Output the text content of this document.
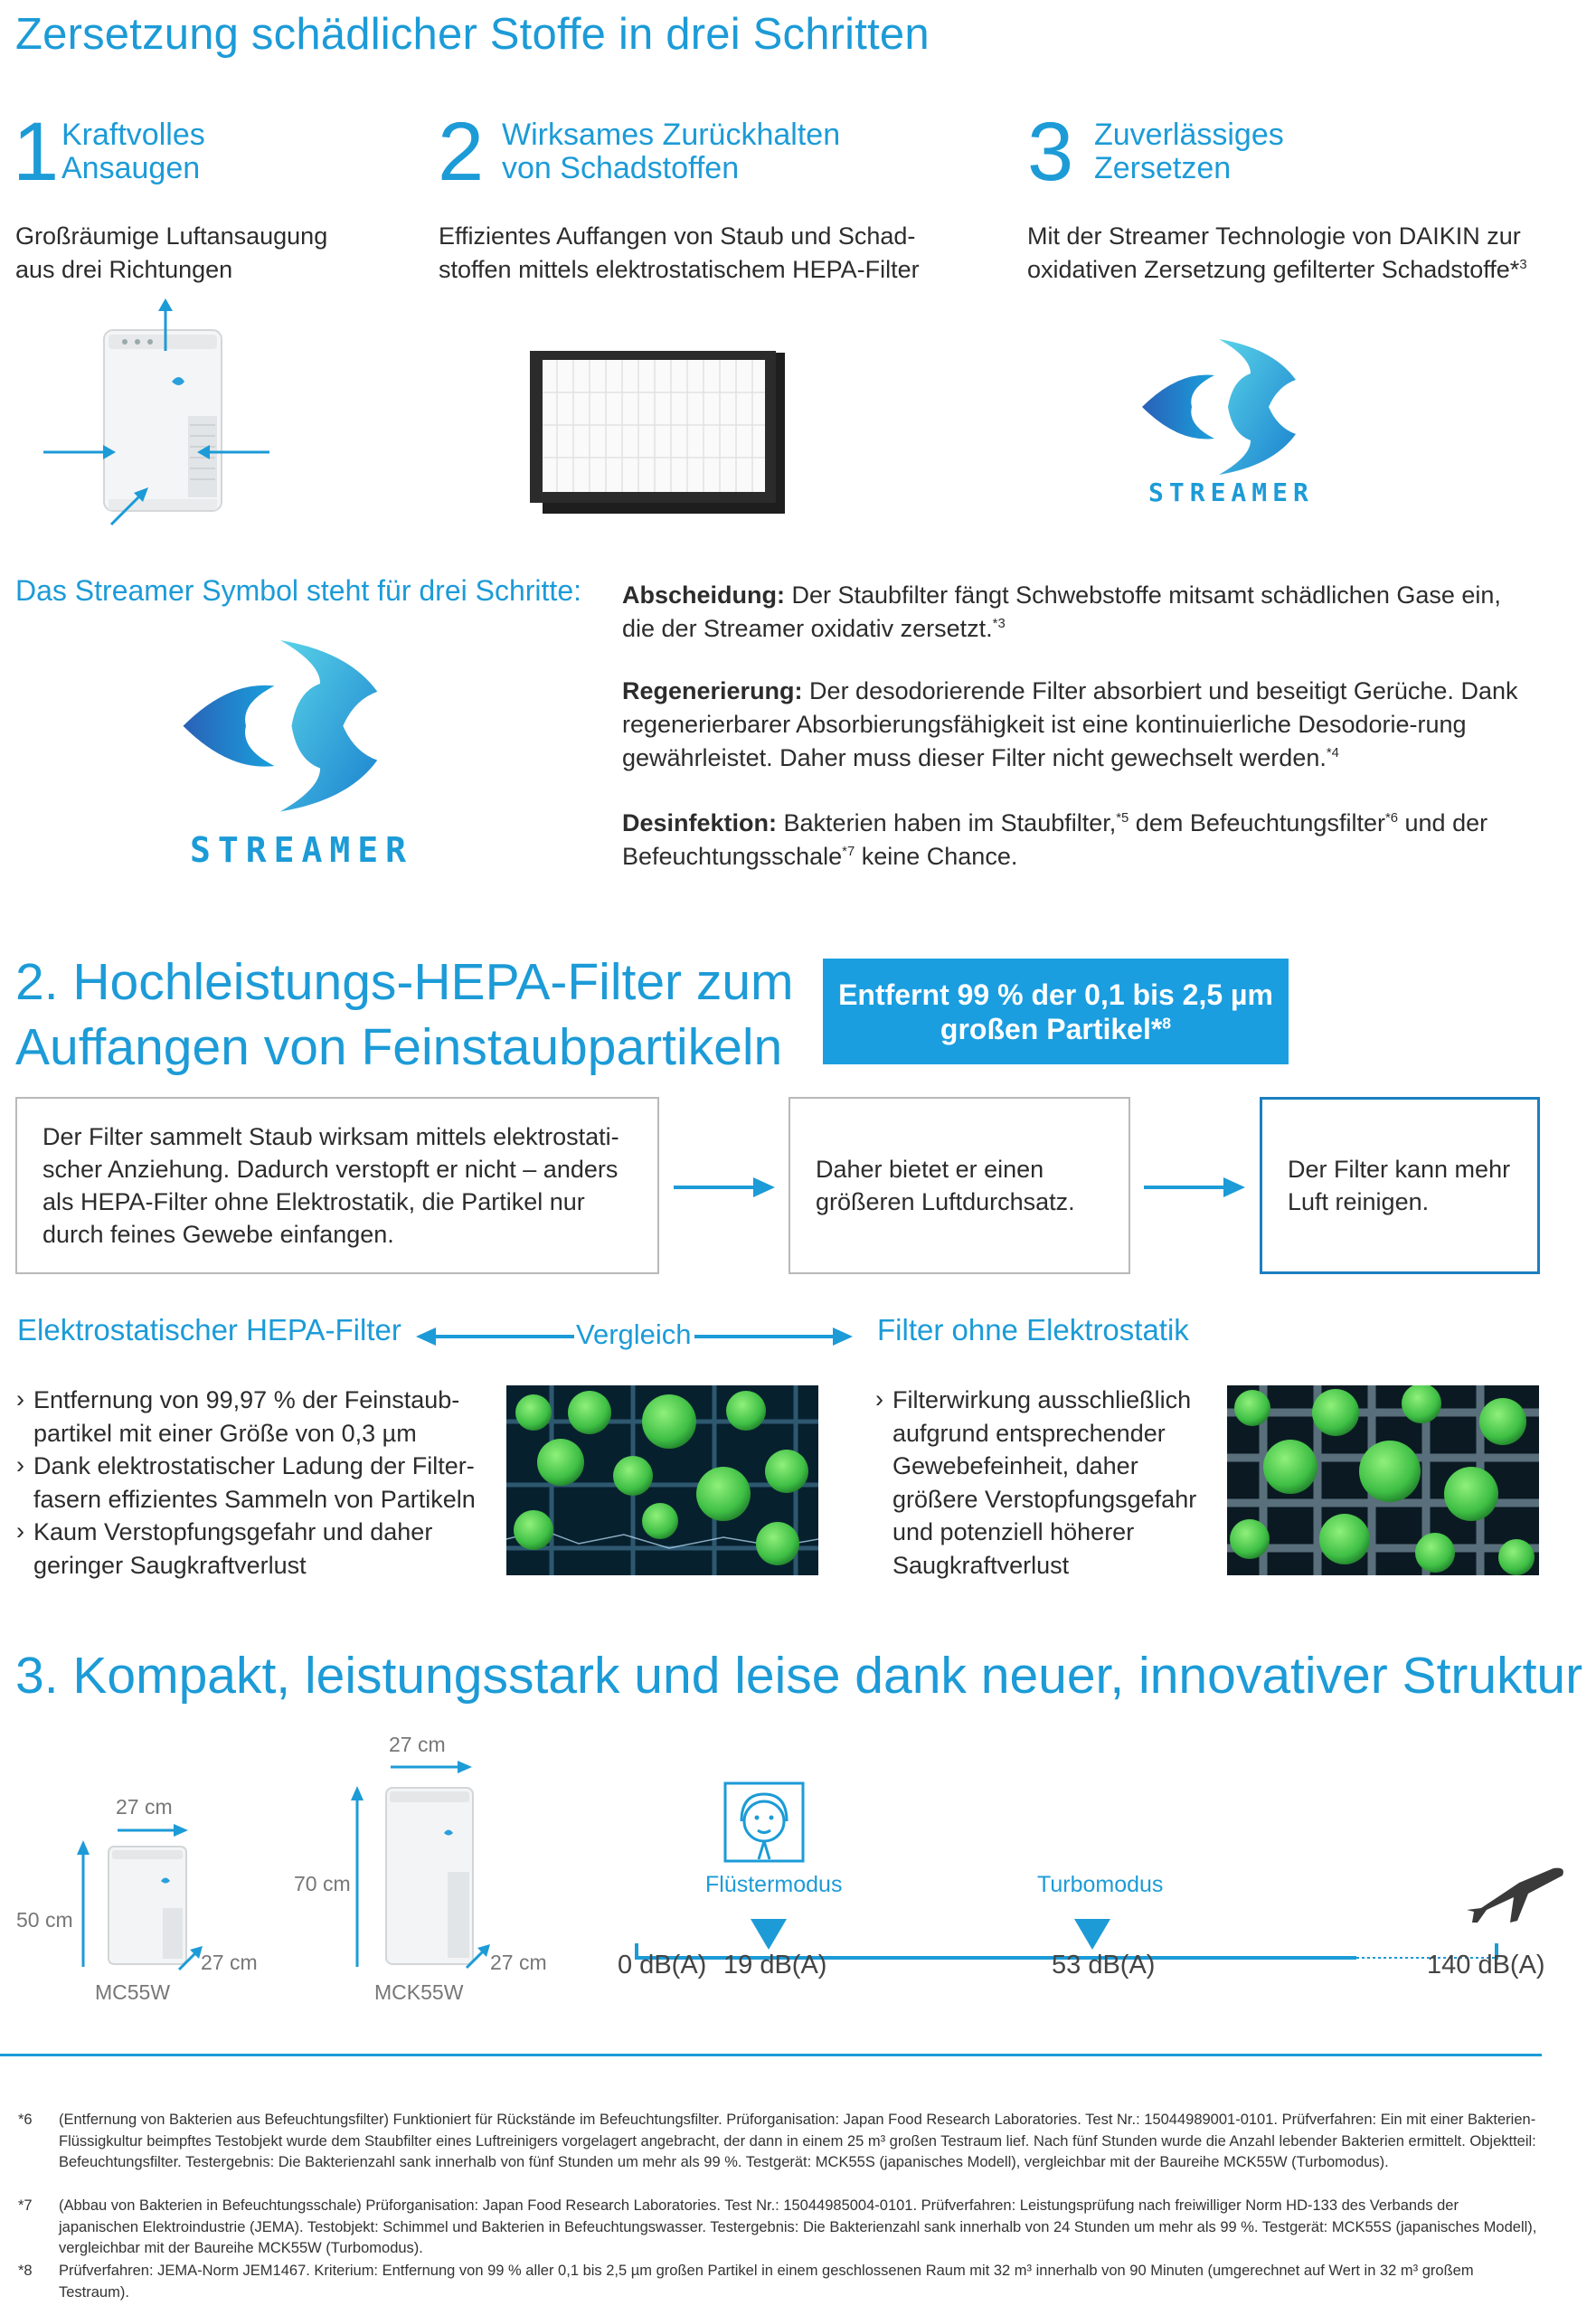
Zersetzung schädlicher Stoffe in drei Schritten
1 Kraftvolles
Ansaugen
Großräumige Luftansaugung
aus drei Richtungen
2 Wirksames Zurückhalten
von Schadstoffen
Effizientes Auffangen von Staub und Schad-
stoffen mittels elektrostatischem HEPA-Filter
3 Zuverlässiges
Zersetzen
Mit der Streamer Technologie von DAIKIN zur
oxidativen Zersetzung gefilterter Schadstoffe*$^3$
STREAMER
Das Streamer Symbol steht für drei Schritte:
STREAMER
Abscheidung: Der Staubfilter fängt Schwebstoffe mitsamt schädlichen Gase ein, die der Streamer oxidativ zersetzt.$^{*3}$
Regenerierung: Der desodorierende Filter absorbiert und beseitigt Gerüche. Dank regenerierbarer Absorbierungsfähigkeit ist eine kontinuierliche Desodorie-rung gewährleistet. Daher muss dieser Filter nicht gewechselt werden.$^{*4}$
Desinfektion: Bakterien haben im Staubfilter,$^{*5}$ dem Befeuchtungsfilter$^{*6}$ und der Befeuchtungsschale$^{*7}$ keine Chance.
2. Hochleistungs-HEPA-Filter zum
Auffangen von Feinstaubpartikeln
Entfernt 99 % der 0,1 bis 2,5 µm
großen Partikel*$^8$
Der Filter sammelt Staub wirksam mittels elektrostati-scher Anziehung. Dadurch verstopft er nicht – anders als HEPA-Filter ohne Elektrostatik, die Partikel nur durch feines Gewebe einfangen.
Daher bietet er einen größeren Luftdurchsatz.
Der Filter kann mehr Luft reinigen.
Elektrostatischer HEPA-Filter	Vergleich	Filter ohne Elektrostatik
› Entfernung von 99,97 % der Feinstaub-partikel mit einer Größe von 0,3 µm
› Dank elektrostatischer Ladung der Filter-fasern effizientes Sammeln von Partikeln
› Kaum Verstopfungsgefahr und daher geringer Saugkraftverlust
› Filterwirkung ausschließlich aufgrund entsprechender Gewebefeinheit, daher größere Verstopfungsgefahr und potenziell höherer Saugkraftverlust
3. Kompakt, leistungsstark und leise dank neuer, innovativer Struktur
27 cm
50 cm
27 cm
MC55W
27 cm
70 cm
27 cm
MCK55W
Flüstermodus	Turbomodus
0 dB(A) 19 dB(A)	53 dB(A)	140 dB(A)
*6 (Entfernung von Bakterien aus Befeuchtungsfilter) Funktioniert für Rückstände im Befeuchtungsfilter. Prüforganisation: Japan Food Research Laboratories. Test Nr.: 15044989001-0101. Prüfverfahren: Ein mit einer Bakterien-Flüssigkultur beimpftes Testobjekt wurde dem Staubfilter eines Luftreinigers vorgelagert angebracht, der dann in einem 25 m³ großen Testraum lief. Nach fünf Stunden wurde die Anzahl lebender Bakterien ermittelt. Objektteil: Befeuchtungsfilter. Testergebnis: Die Bakterienzahl sank innerhalb von fünf Stunden um mehr als 99 %. Testgerät: MCK55S (japanisches Modell), vergleichbar mit der Baureihe MCK55W (Turbomodus).
*7 (Abbau von Bakterien in Befeuchtungsschale) Prüforganisation: Japan Food Research Laboratories. Test Nr.: 15044985004-0101. Prüfverfahren: Leistungsprüfung nach freiwilliger Norm HD-133 des Verbands der japanischen Elektroindustrie (JEMA). Testobjekt: Schimmel und Bakterien in Befeuchtungswasser. Testergebnis: Die Bakterienzahl sank innerhalb von 24 Stunden um mehr als 99 %. Testgerät: MCK55S (japanisches Modell), vergleichbar mit der Baureihe MCK55W (Turbomodus).
*8 Prüfverfahren: JEMA-Norm JEM1467. Kriterium: Entfernung von 99 % aller 0,1 bis 2,5 µm großen Partikel in einem geschlossenen Raum mit 32 m³ innerhalb von 90 Minuten (umgerechnet auf Wert in 32 m³ großem Testraum).
